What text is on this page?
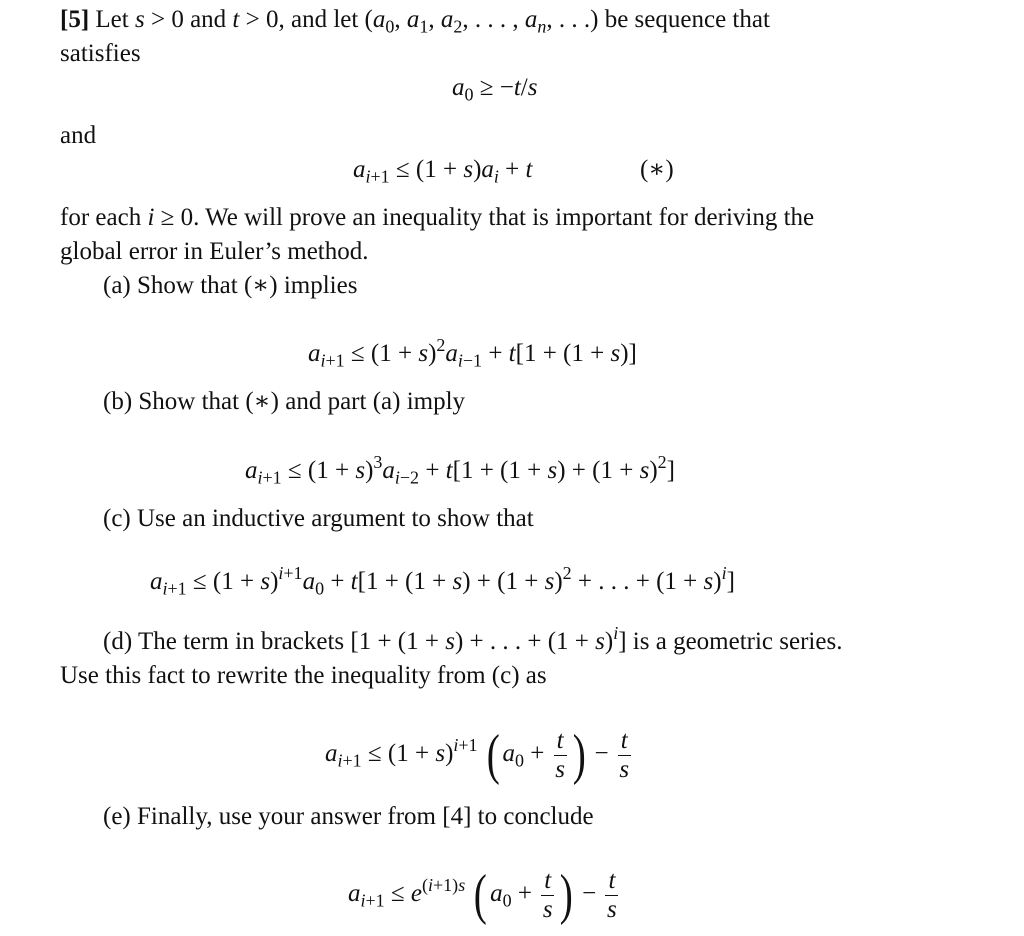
[5] Let s > 0 and t > 0, and let ($a_0$, $a_1$, $a_2$, . . . , $a_n$, . . .) be sequence that
satisfies
$a_0 \ge -t/s$
and
$a_{i+1} \le (1 + s)a_i + t$	(∗)
for each i ≥ 0. We will prove an inequality that is important for deriving the
global error in Euler’s method.
(a) Show that (∗) implies
$a_{i+1} \le (1 + s)^2a_{i-1} + t[1 + (1 + s)]$
(b) Show that (∗) and part (a) imply
$a_{i+1} \le (1 + s)^3a_{i-2} + t[1 + (1 + s) + (1 + s)^2]$
(c) Use an inductive argument to show that
$a_{i+1} \le (1 + s)^{i+1}a_0 + t[1 + (1 + s) + (1 + s)^2$ + . . . + $(1 + s)^i$]
(d) The term in brackets [1 + (1 + s) + . . . + $(1 + s)^i$] is a geometric series.
Use this fact to rewrite the inequality from (c) as
$a_{i+1} \le (1 + s)^{i+1}$ ( $a_0 + \frac{t}{s}$ ) − $\frac{t}{s}$
(e) Finally, use your answer from [4] to conclude
$a_{i+1} \le e^{(i+1)s}$ ( $a_0 + \frac{t}{s}$ ) − $\frac{t}{s}$
